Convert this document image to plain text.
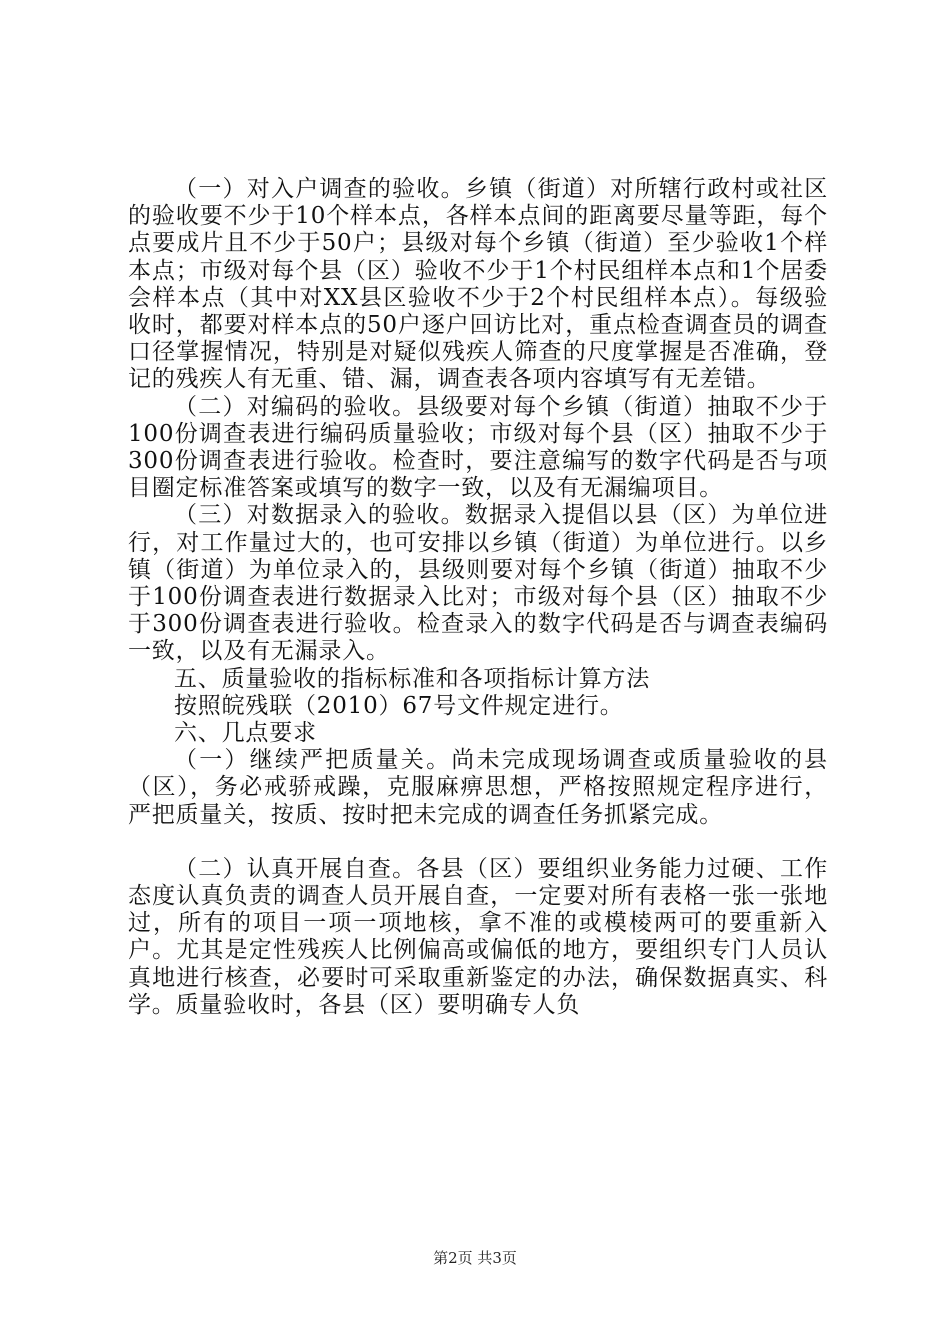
（一）对入户调查的验收。乡镇（街道）对所辖行政村或社区的验收要不少于10个样本点，各样本点间的距离要尽量等距，每个点要成片且不少于50户；县级对每个乡镇（街道）至少验收1个样本点；市级对每个县（区）验收不少于1个村民组样本点和1个居委会样本点（其中对XX县区验收不少于2个村民组样本点）。每级验收时，都要对样本点的50户逐户回访比对，重点检查调查员的调查口径掌握情况，特别是对疑似残疾人筛查的尺度掌握是否准确，登记的残疾人有无重、错、漏，调查表各项内容填写有无差错。

（二）对编码的验收。县级要对每个乡镇（街道）抽取不少于100份调查表进行编码质量验收；市级对每个县（区）抽取不少于300份调查表进行验收。检查时，要注意编写的数字代码是否与项目圈定标准答案或填写的数字一致，以及有无漏编项目。

（三）对数据录入的验收。数据录入提倡以县（区）为单位进行，对工作量过大的，也可安排以乡镇（街道）为单位进行。以乡镇（街道）为单位录入的，县级则要对每个乡镇（街道）抽取不少于100份调查表进行数据录入比对；市级对每个县（区）抽取不少于300份调查表进行验收。检查录入的数字代码是否与调查表编码一致，以及有无漏录入。

五、质量验收的指标标准和各项指标计算方法

按照皖残联（2010）67号文件规定进行。

六、几点要求

（一）继续严把质量关。尚未完成现场调查或质量验收的县（区），务必戒骄戒躁，克服麻痹思想，严格按照规定程序进行，严把质量关，按质、按时把未完成的调查任务抓紧完成。

（二）认真开展自查。各县（区）要组织业务能力过硬、工作态度认真负责的调查人员开展自查，一定要对所有表格一张一张地过，所有的项目一项一项地核，拿不准的或模棱两可的要重新入户。尤其是定性残疾人比例偏高或偏低的地方，要组织专门人员认真地进行核查，必要时可采取重新鉴定的办法，确保数据真实、科学。质量验收时，各县（区）要明确专人负

第2页 共3页
